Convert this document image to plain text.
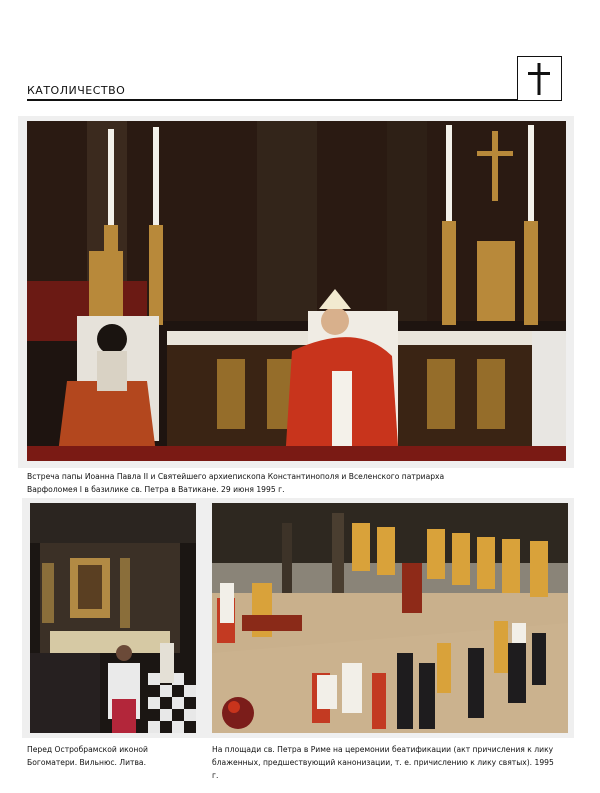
КАТОЛИЧЕСТВО
Встреча папы Иоанна Павла II и Святейшего архиепископа Константинополя и Вселенского патриарха Варфоломея I в базилике св. Петра в Ватикане. 29 июня 1995 г.
Перед Остробрамской иконой Богоматери. Вильнюс. Литва.
На площади св. Петра в Риме на церемонии беатификации (акт причисления к лику блаженных, предшествующий канонизации, т. е. причислению к лику святых). 1995 г.
